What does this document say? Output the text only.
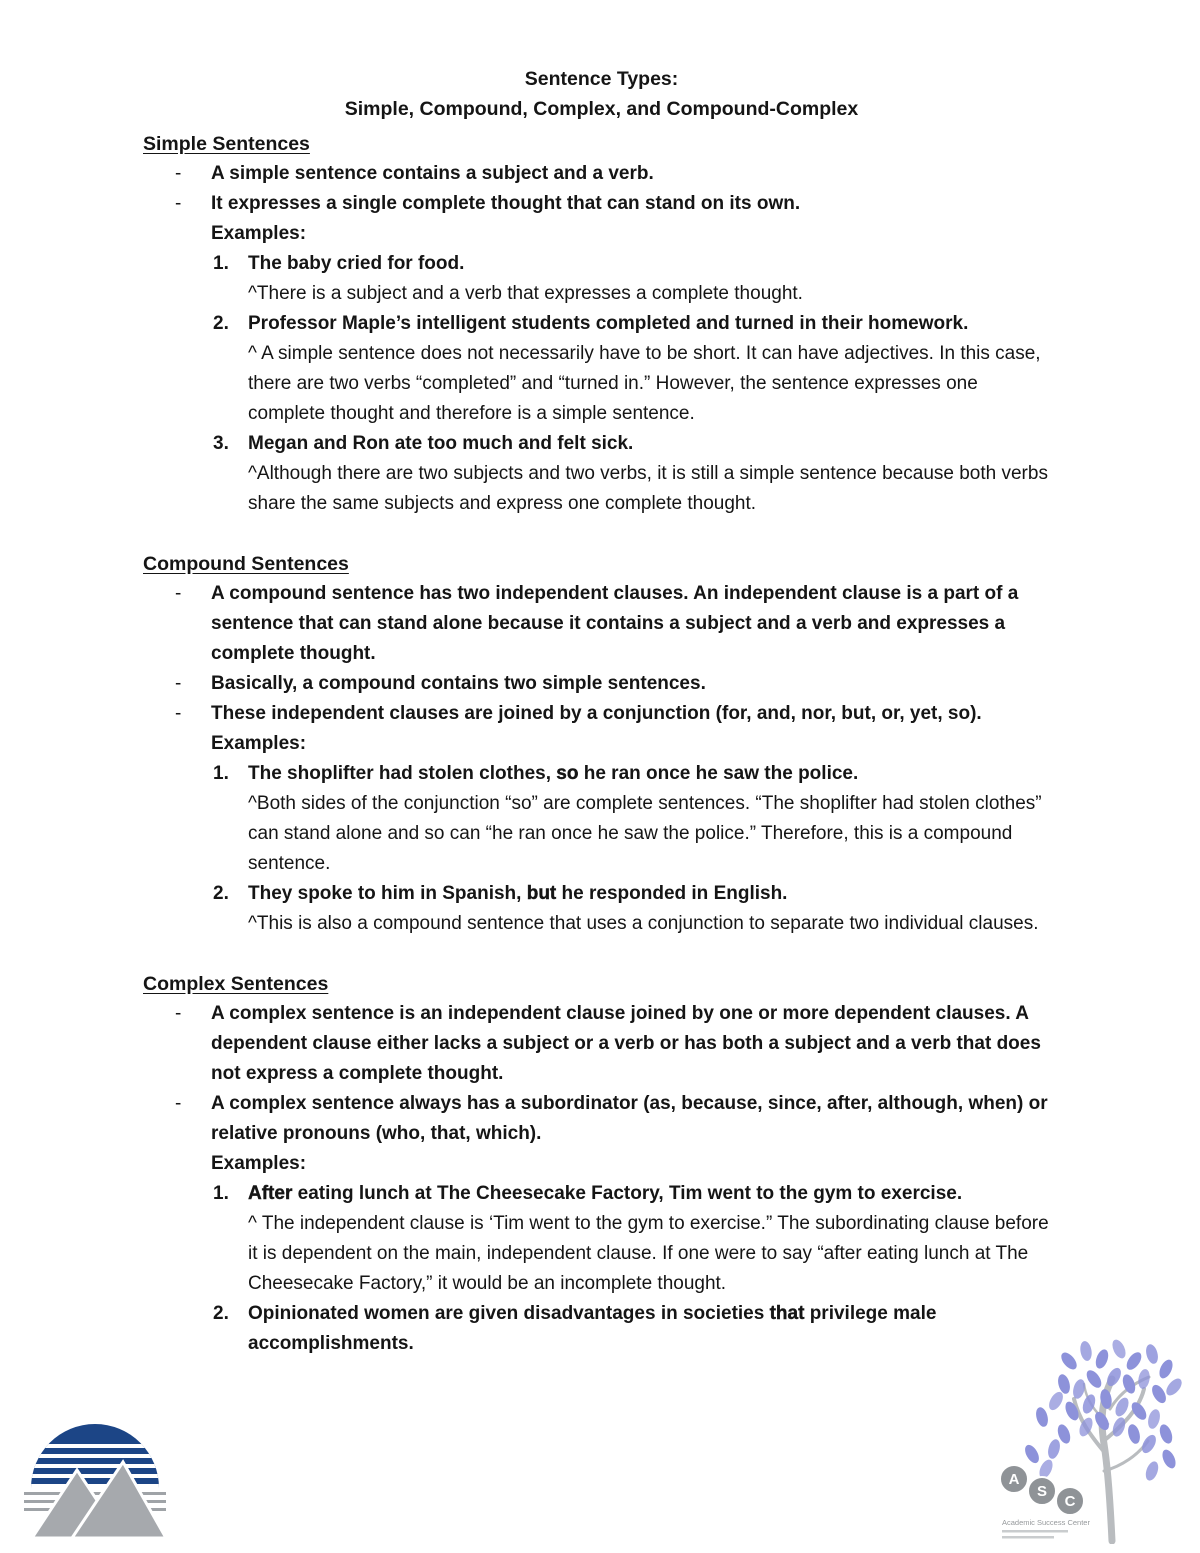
Sentence Types:
Simple, Compound, Complex, and Compound-Complex
Simple Sentences
-	A simple sentence contains a subject and a verb.
-	It expresses a single complete thought that can stand on its own.

Examples:

1.	The baby cried for food.

^There is a subject and a verb that expresses a complete thought.

2.	Professor Maple’s intelligent students completed and turned in their homework.

^ A simple sentence does not necessarily have to be short. It can have adjectives. In this case, there are two verbs “completed” and “turned in.” However, the sentence expresses one complete thought and therefore is a simple sentence.

3.	Megan and Ron ate too much and felt sick.

^Although there are two subjects and two verbs, it is still a simple sentence because both verbs share the same subjects and express one complete thought.

Compound Sentences
-	A compound sentence has two independent clauses. An independent clause is a part of a sentence that can stand alone because it contains a subject and a verb and expresses a complete thought.
-	Basically, a compound contains two simple sentences.
-	These independent clauses are joined by a conjunction (for, and, nor, but, or, yet, so).

Examples:

1.	The shoplifter had stolen clothes, so he ran once he saw the police.

^Both sides of the conjunction “so” are complete sentences. “The shoplifter had stolen clothes” can stand alone and so can “he ran once he saw the police.” Therefore, this is a compound sentence.

2.	They spoke to him in Spanish, but he responded in English.

^This is also a compound sentence that uses a conjunction to separate two individual clauses.

Complex Sentences
-	A complex sentence is an independent clause joined by one or more dependent clauses. A dependent clause either lacks a subject or a verb or has both a subject and a verb that does not express a complete thought.
-	A complex sentence always has a subordinator (as, because, since, after, although, when) or relative pronouns (who, that, which).

Examples:

1.	After eating lunch at The Cheesecake Factory, Tim went to the gym to exercise.

^ The independent clause is ‘Tim went to the gym to exercise.” The subordinating clause before it is dependent on the main, independent clause. If one were to say “after eating lunch at The Cheesecake Factory,” it would be an incomplete thought.

2.	Opinionated women are given disadvantages in societies that privilege male accomplishments.

A
S
C
Academic Success Center
